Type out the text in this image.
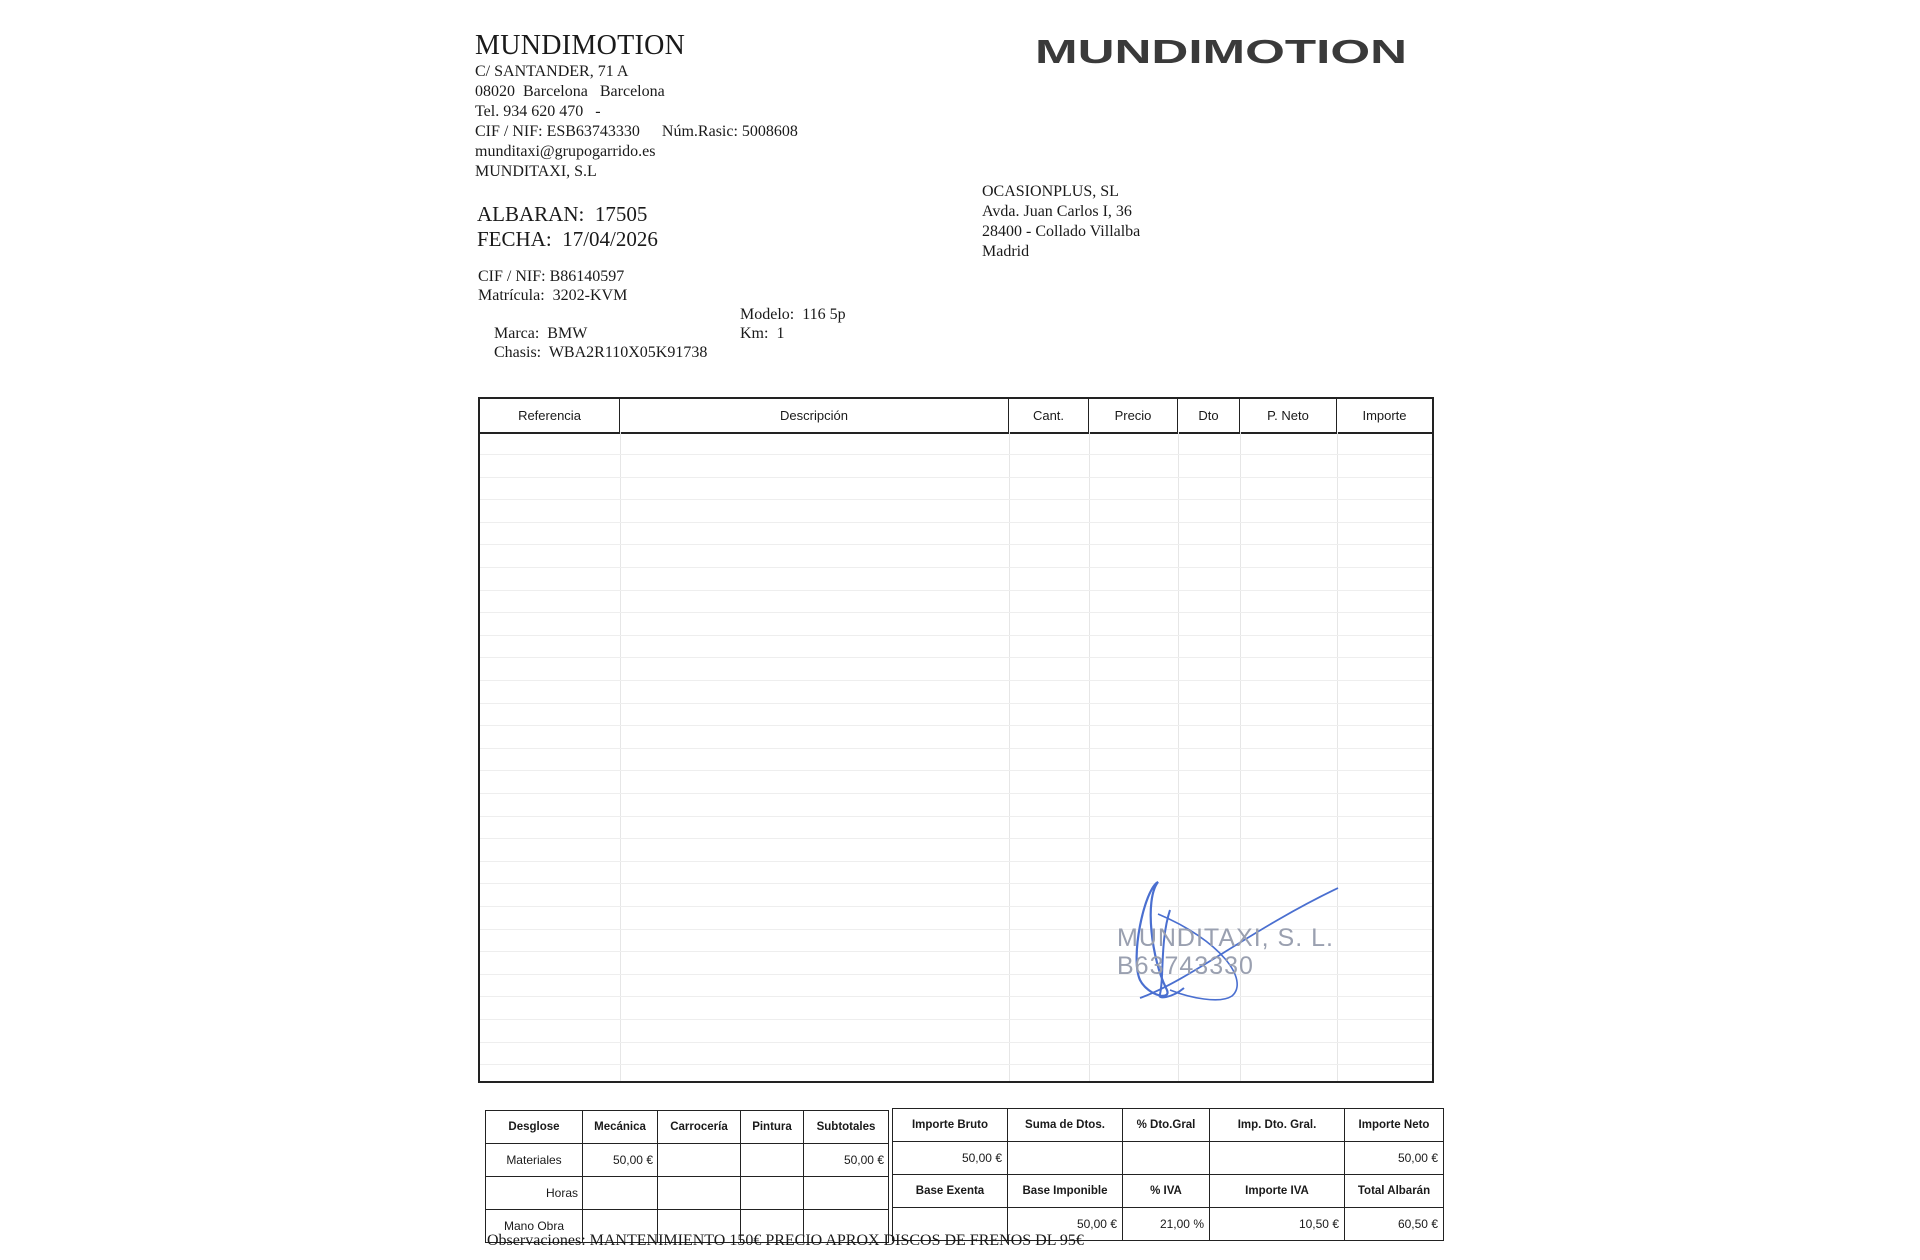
MUNDIMOTION
C/ SANTANDER, 71 A
08020 Barcelona Barcelona
Tel. 934 620 470   -
CIF / NIF: ESB63743330 Núm.Rasic: 5008608
munditaxi@grupogarrido.es
MUNDITAXI, S.L
MUNDIMOTION
ALBARAN: 17505
FECHA: 17/04/2026
OCASIONPLUS, SL
Avda. Juan Carlos I, 36
28400 - Collado Villalba
Madrid
CIF / NIF: B86140597
Matrícula:  3202-KVM

Marca:  BMW

Modelo:  116 5p

Chasis:  WBA2R110X05K91738

Km:  1

Referencia	Descripción	Cant.	Precio	Dto	P. Neto	Importe
MUNDITAXI, S. L.
B63743330
Desglose	Mecánica	Carrocería	Pintura	Subtotales
Materiales	50,00 €			50,00 €
Horas				
Mano Obra				
Importe Bruto	Suma de Dtos.	% Dto.Gral	Imp. Dto. Gral.	Importe Neto
50,00 €				50,00 €
Base Exenta	Base Imponible	% IVA	Importe IVA	Total Albarán
	50,00 €	21,00 %	10,50 €	60,50 €
Observaciones: MANTENIMIENTO 150€ PRECIO APROX DISCOS DE FRENOS DL 95€
